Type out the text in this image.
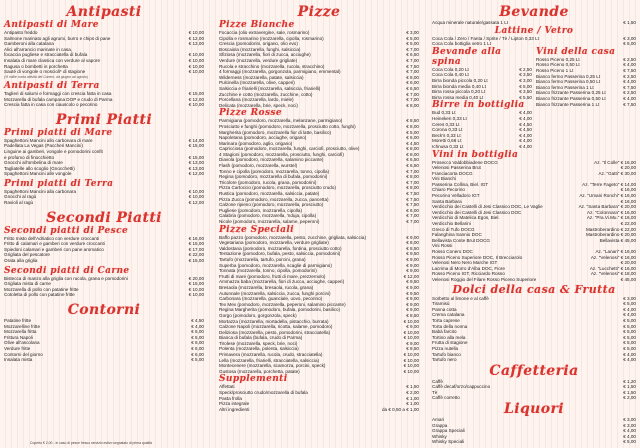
Antipasti
Antipasti di Mare
Antipasto freddo	€ 10,00
Salmone marinato agli agrumi, burro e chips di pane	€ 12,00
Gamberoni alla catalana	€ 13,00
Alici all'arrancio marinate in casa,
focaccia pugliese e stracciatella di bufala	€ 10,00
Insalata di mare classica con verdure al vapore	€ 10,00
Ragusa o bombetti in porchetta	€ 10,00
Sauté di vongole o moscioli* di stagione	€ 10,00
(*il mitile conta attività del Conero, da giugno ad agosto)
Antipasti di Terra
Taglieri di salumi e formaggi con crescia fatta in casa	€ 15,00
Mozzarella di bufala campana DOP e crudo di Parma	€ 12,00
Crescia fatta in casa con ciauscolo o pecorino	€ 10,00
Primi Piatti
Primi piatti di Mare
Spaghettoni Mancini allo carbonara di mare	€ 14,00
Padellata La Vegas (Paccheri Mancini)	€ 15,00
Linguine ai gamberi, vongole e pomodorini confit
e profumo di finocchietto	€ 15,00
Gnocchi all'ombelina di mare	€ 13,00
Tagliatelle allo scoglio (Gnocchetti)	€ 13,00
Spaghettoni Mancini alle vongole	€ 12,00
Primi piatti di Terra
Spaghettoni Mancini alla carbonara	€ 10,00
Gnocchi al ragù	€ 10,00
Ravioli al ragù	€ 12,00
Secondi Piatti
Secondi piatti di Pesce
Fritto misto dell'Adriatico con verdure croccanti	€ 16,00
Fritto di calamari e gamberi con verdure croccanti	€ 15,00
Spiedoni calamari e gamberi con pane aromatico	€ 17,00
Grigliata del pescatore	€ 22,00
Orata alla griglia	€ 15,00
Secondi piatti di Carne
Bistecca di manzo alla griglia con rucola, grana e pomodorini	€ 20,00
Grigliata mista di carne	€ 15,00
Mozzarella di pollo con patatine fritte	€ 10,00
Cotoletta di pollo con patatine fritte	€ 10,00
Contorni
Patatine fritte	€ 4,50
Mozzarelline fritte	€ 4,00
Mozzarella fritta	€ 6,00
Frittura Napoli	€ 5,00
Olive all'ascolana	€ 6,00
Verdure fritte	€ 6,00
Contorni del giorno	€ 6,00
Insalata mista	€ 5,00
Pizze
Pizze Bianche
Focaccia (olio extravergine, sale, rosmarino)	€ 3,00
Cipolla e rosmarino (mozzarella, cipolla, rosmarino)	€ 5,00
Crescia (pomodorini, origano, olio evo)	€ 5,00
Boscaiola (mozzarella, funghi, salsiccia)	€ 7,00
Sfiziosa (mozzarella, fiori di zucca, acciughe)	€ 6,50
Verdure (mozzarella, verdure grigliate)	€ 7,00
Rucola e stracchino (mozzarella, rucola, stracchino)	€ 7,50
4 formaggi (mozzarella, gorgonzola, parmigiano, emmental)	€ 7,00
Wilderness (mozzarella, patate, salsiccia)	€ 8,00
Pulcinella (mozzarella, olive, capperi)	€ 6,00
Salsiccia e friarielli (mozzarella, salsiccia, friarielli)	€ 6,50
Zucchine e cotto (mozzarella, zucchine, cotto)	€ 7,00
Porcellana (mozzarella, lardo, miele)	€ 7,00
Delicata (mozzarella, brie, speck, noci)	€ 8,00
Pizze Rosse
Parmigiana (pomodoro, mozzarella, melanzane, parmigiano)	€ 8,50
Prosciutto e funghi (pomodoro, mozzarella, prosciutto cotto, funghi)	€ 8,00
Margherita (pomodoro, mozzarella fior di latte, basilico)	€ 5,00
Napoletana (pomodoro, acciughe, origano)	€ 6,00
Marinara (pomodoro, aglio, origano)	€ 4,50
Capricciosa (pomodoro, mozzarella, funghi, carciofi, prosciutto, olive)	€ 8,00
4 Stagioni (pomodoro, mozzarella, prosciutto, funghi, carciofi)	€ 8,00
Diavola (pomodoro, mozzarella, salamino piccante)	€ 6,50
Flash (pomodoro, mozzarella, wurstel)	€ 6,50
Tonno e cipolla (pomodoro, mozzarella, tonno, cipolla)	€ 7,00
Regina (pomodoro, mozzarella di bufala, pomodorini)	€ 8,00
Tricolore (pomodoro, rucola, grana, pomodorini)	€ 7,00
Pizza Cartoccio (pomodoro, mozzarella, prosciutto crudo)	€ 8,00
Rustica (pomodoro, mozzarella, salsiccia, patate)	€ 7,50
Pizza Zucca (pomodoro, mozzarella, zucca, pancetta)	€ 7,50
Calzone ripieno (pomodoro, mozzarella, prosciutto)	€ 7,50
Pugliese (pomodoro, mozzarella, cipolla)	€ 6,00
Calabria (pomodoro, mozzarella, 'nduja, cipolla)	€ 7,00
Nicole (pomodoro, mozzarella, salame, peperoni)	€ 7,00
Pizze Speciali
Baffo pazzo (pomodoro, mozzarella, pesto, zucchine, grigliata, salsiccia)	€ 9,00
Vegetariana (pomodoro, mozzarella, verdure grigliate)	€ 8,00
Valdostana (pomodoro, mozzarella, fontina, prosciutto cotto)	€ 8,50
Tentazione (pomodoro, bufala, pesto, salsiccia, pomodorini)	€ 9,50
Tartufo (mozzarella, tartufo, porcini, grana)	€ 9,00
Superba (pomodoro, mozzarella, scaglie di parmigiano)	€ 9,00
Tonnata (mozzarella, tonno, cipolla, pomodorini)	€ 9,00
Frutti di mare (pomodoro, frutti di mare, prezzemolo)	€ 12,00
Ammazza baba (mozzarella, fiori di zucca, acciughe, capperi)	€ 9,50
Bresaola (mozzarella, bresaola, rucola, grana)	€ 9,00
Autunnale (mozzarella, salsiccia, zucca, funghi porcini)	€ 9,50
Carbonara (mozzarella, guanciale, uovo, pecorino)	€ 9,00
Tex Mex (pomodoro, mozzarella, peperoni, salamino piccante)	€ 9,00
Regina Margherita (pomodoro, bufala, pomodorini, basilico)	€ 9,00
Gorgo (pomodoro, gorgonzola, speck)	€ 8,50
Mortazza (mozzarella, mortadella, pistacchio, burrata)	€ 10,00
Calzone Napoli (mozzarella, ricotta, salame, pomodoro)	€ 9,00
Deliziosa (mozzarella, pesto, pomodorini, stracciatella)	€ 10,00
Bianca di bufala (bufala, crudo di Parma)	€ 10,00
Tirolese (mozzarella, speck, brie, noci)	€ 9,00
Polenta (mozzarella, polenta, salsiccia)	€ 8,50
Primavera (mozzarella, rucola, crudo, stracciatella)	€ 10,00
Lella (mozzarella, friarielli, stracciatella, salsiccia)	€ 10,00
Montecenere (mozzarella, scamorza, porcini, speck)	€ 10,00
Gustosa (mozzarella, porchetta, patate)	€ 10,00
Supplementi
Affettati	€ 1,50
Speck/prosciutto crudo/mozzarella di bufala	€ 2,00
Pasta frolla	€ 1,00
Pizza integrale	€ 1,00
Altri ingredienti	da € 0,50 a € 1,00
Bevande
Acqua minerale naturale/gassata 1 Lt	€ 1,50
Lattine / Vetro
Coca Cola / Zero / Fanta / Sprite / Tè / Lipton 0,33 Lt	€ 3,00
Coca Cola bottiglia vetro 1 Lt	€ 6,00
Bevande alla spina
Coca Cola 0,20 Lt	€ 2,50
Coca Cola 0,40 Lt	€ 3,50
Birra bionda piccola 0,20 Lt	€ 3,00
Birra bionda media 0,40 Lt	€ 5,00
Birra rossa piccola 0,20 Lt	€ 3,50
Birra rossa media 0,40 Lt	€ 5,50
Birre in bottiglia
Bud 0,33 Lt	€ 4,00
Heineken 0,33 Lt	€ 4,00
Ceres 0,33 Lt	€ 4,50
Corona 0,33 Lt	€ 4,50
Beck's 0,33 Lt	€ 4,00
Moretti 0,66 Lt	€ 4,00
Ichnusa 0,33 Lt	€ 4,00
Vini della casa
Rosso Piceno 0,25 Lt	€ 2,50
Rosso Piceno 0,50 Lt	€ 4,00
Rosso Piceno 1 Lt	€ 7,50
Bianco fermo Passerina 0,25 Lt	€ 2,50
Bianco fermo Passerina 0,50 Lt	€ 4,00
Bianco fermo Passerina 1 Lt	€ 7,50
Bianco frizzante Passerina 0,25 Lt	€ 2,50
Bianco frizzante Passerina 0,50 Lt	€ 4,00
Bianco frizzante Passerina 1 Lt	€ 7,50
Vini in bottiglia
Prosecco Valdobbiadene DOCG	Az. "Il Colle" € 16,00
Velenosi Passerina Brut	€ 20,00
Franciacorta DOCG	Az. "Gatti" € 30,00
Vini Bianchi
Passerina Collina, Biel. IGT	Az. "Terre Fageto" € 14,00
Chiaro Pecorino	€ 16,00
Pecorino Velladoro IGT	Az. "Umani Ronchi" € 16,00
Santa Barbara	€ 16,00
Verdicchio dei Castelli di Jesi Classico DOC, Le Vaglie	Az. "Santa Barbara" € 20,00
Verdicchio dei Castelli di Jesi Classico DOC	Az. "Colonnara" € 16,00
Verdicchio di Matelica Egos, Biel.	Az. "Pra.Vi.Mu." € 16,00
Verdicchio Bellarini	€ 22,00
Greco di Tufo DOCG	Mastroberardino € 22,00
Falanghina Sannio DOC	Mastroberardino € 20,00
Bellavista Conte Brut DOCG	Bellavista € 45,00
Vini Rossi
Rosso Conero DOC	Az. "Lanari" € 16,00
Rosso Piceno Superiore DOC, Il Brecciarolo	Az. "Velenosi" € 16,00
Velenosi Nero Nero Marche IGT	€ 20,00
Lacrima di Morro d'Alba DOC, Fiore	Az. "Lucchetti" € 16,00
Rosso Piceno IGT, Ricciardo Rosso	Az. "Velenosi" € 18,00
Velenosi Roggio del Filare Rosso Piceno Superiore	€ 45,00
Dolci della casa & Frutta
Sorbetto al limone e al caffè	€ 3,00
Tiramisù	€ 5,00
Panna cotta	€ 4,00
Crema catalana	€ 4,00
Torta caprese	€ 5,00
Torta della nonna	€ 5,00
Babà farcito	€ 5,00
Tortino alla mela	€ 5,00
Frutta di stagione	€ 5,00
Pizza nutella	€ 5,00
Tartufo bianco	€ 4,00
Tartufo nero	€ 4,00
Caffetteria
Caffè	€ 1,20
Caffè decaf/orzo/cappuccino	€ 1,50
Tè	€ 1,50
Caffè corretto	€ 2,00
Liquori
Amari	€ 3,00
Grappa	€ 3,00
Grappa Speciali	€ 4,00
Whisky	€ 4,00
Whisky Speciali	€ 5,00
Coperto € 2,00 - In caso di pesce fresco servizio estivo segnalato di prima qualità
